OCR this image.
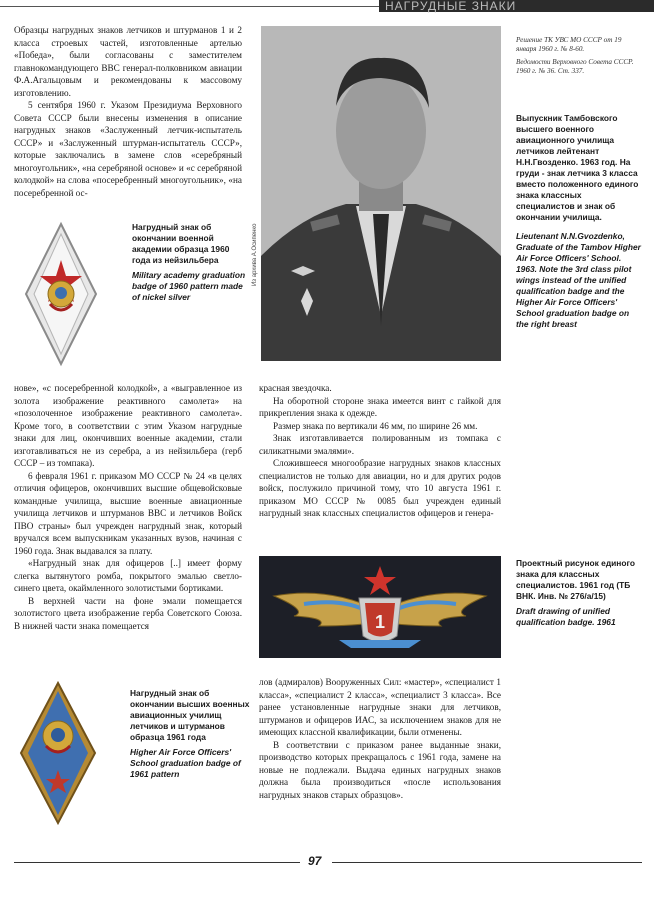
НАГРУДНЫЕ ЗНАКИ

Образцы нагрудных знаков летчиков и штурманов 1 и 2 класса строевых частей, изготовленные артелью «Победа», были согласованы с заместителем главнокомандующего ВВС генерал-полковником авиации Ф.А.Агальцовым и рекомендованы к массовому изготовлению.

5 сентября 1960 г. Указом Президиума Верховного Совета СССР были внесены изменения в описание нагрудных знаков «Заслуженный летчик-испытатель СССР» и «Заслуженный штурман-испытатель СССР», которые заключались в замене слов «серебряный многоугольник», «на серебряной основе» и «с серебряной колодкой» на слова «посеребренный многоугольник», «на посеребренной ос-

Нагрудный знак об окончании военной академии образца 1960 года из нейзильбера
Military academy graduation badge of 1960 pattern made of nickel silver
Из архива А.Осипенко
Решение ТК УВС МО СССР от 19 января 1960 г. № 8-60.
Ведомости Верховного Совета СССР. 1960 г. № 36. Ст. 337.
Выпускник Тамбовского высшего военного авиационного училища летчиков лейтенант Н.Н.Гвозденко. 1963 год. На груди - знак летчика 3 класса вместо положенного единого знака классных специалистов и знак об окончании училища.
Lieutenant N.N.Gvozdenko, Graduate of the Tambov Higher Air Force Officers' School. 1963. Note the 3rd class pilot wings instead of the unified qualification badge and the Higher Air Force Officers' School graduation badge on the right breast

нове», «с посеребренной колодкой», а «выгравленное из золота изображение реактивного самолета» на «позолоченное изображение реактивного самолета». Кроме того, в соответствии с этим Указом нагрудные знаки для лиц, окончивших военные академии, стали изготавливаться не из серебра, а из нейзильбера (герб СССР – из томпака).

6 февраля 1961 г. приказом МО СССР № 24 «в целях отличия офицеров, окончивших высшие общевойсковые командные училища, высшие военные авиационные училища летчиков и штурманов ВВС и летчиков Войск ПВО страны» был учрежден нагрудный знак, который вручался всем выпускникам указанных вузов, начиная с 1960 года. Знак выдавался за плату.

«Нагрудный знак для офицеров [..] имеет форму слегка вытянутого ромба, покрытого эмалью светло-синего цвета, окаймленного золотистыми бортиками.

В верхней части на фоне эмали помещается золотистого цвета изображение герба Советского Союза. В нижней части знака помещается

красная звездочка.

На оборотной стороне знака имеется винт с гайкой для прикрепления знака к одежде.

Размер знака по вертикали 46 мм, по ширине 26 мм.

Знак изготавливается полированным из томпака с силикатными эмалями».

Сложившееся многообразие нагрудных знаков классных специалистов не только для авиации, но и для других родов войск, послужило причиной тому, что 10 августа 1961 г. приказом МО СССР № 0085 был учрежден единый нагрудный знак классных специалистов офицеров и генера-

1
Проектный рисунок единого знака для классных специалистов. 1961 год (ТБ ВНК. Инв. № 276/а/15)
Draft drawing of unified qualification badge. 1961
Нагрудный знак об окончании высших военных авиационных училищ летчиков и штурманов образца 1961 года
Higher Air Force Officers' School graduation badge of 1961 pattern

лов (адмиралов) Вооруженных Сил: «мастер», «специалист 1 класса», «специалист 2 класса», «специалист 3 класса». Все ранее установленные нагрудные знаки для летчиков, штурманов и офицеров ИАС, за исключением знаков для не имеющих классной квалификации, были отменены.

В соответствии с приказом ранее выданные знаки, производство которых прекращалось с 1961 года, замене на новые не подлежали. Выдача единых нагрудных знаков должна была производиться «после использования нагрудных знаков старых образцов».

97
